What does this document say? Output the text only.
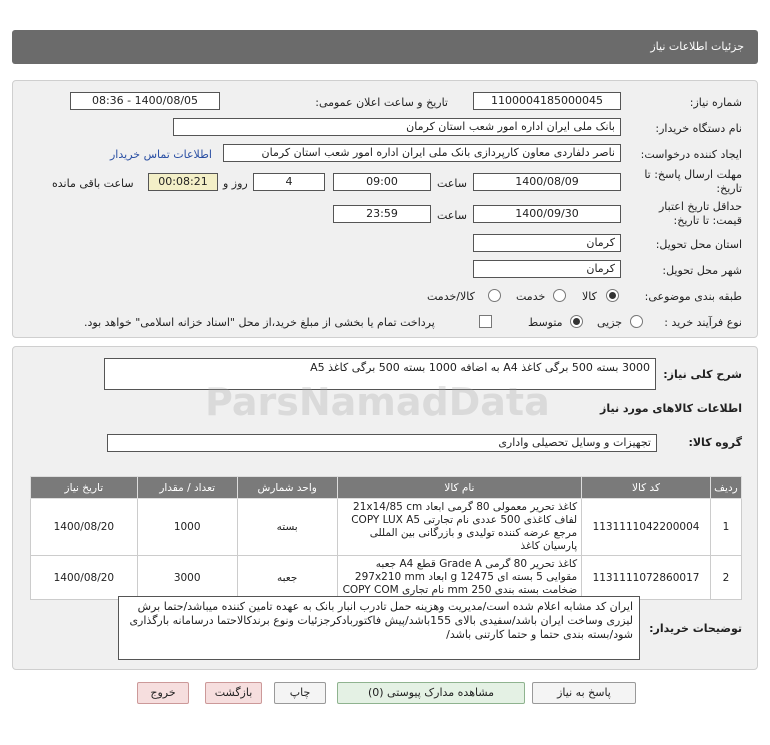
جزئیات اطلاعات نیاز
شماره نیاز:
1100004185000045
تاریخ و ساعت اعلان عمومی:
1400/08/05 - 08:36
نام دستگاه خریدار:
بانک ملی ایران اداره امور شعب استان کرمان
ایجاد کننده درخواست:
ناصر دلفاردی معاون کارپردازی بانک ملی ایران اداره امور شعب استان کرمان
اطلاعات تماس خریدار
مهلت ارسال پاسخ: تا
تاریخ:
1400/08/09
ساعت
09:00
4
روز و
00:08:21
ساعت باقی مانده
حداقل تاریخ اعتبار
قیمت: تا تاریخ:
1400/09/30
ساعت
23:59
استان محل تحویل:
کرمان
شهر محل تحویل:
کرمان
طبقه بندی موضوعی:
کالا
خدمت
کالا/خدمت
نوع فرآیند خرید :
جزیی
متوسط
پرداخت تمام یا بخشی از مبلغ خرید،از محل "اسناد خزانه اسلامی" خواهد بود.
شرح کلی نیاز:
3000 بسته 500 برگی کاغذ A4 به اضافه 1000 بسته 500 برگی کاغذ A5
اطلاعات کالاهای مورد نیاز
گروه کالا:
تجهیزات و وسایل تحصیلی واداری
ردیف	کد کالا	نام کالا	واحد شمارش	تعداد / مقدار	تاریخ نیاز
1	1131111042200004	کاغذ تحریر معمولی 80 گرمی ابعاد 21x14/85 cm لفاف کاغذی 500 عددی نام تجارتی COPY LUX A5 مرجع عرضه کننده تولیدی و بازرگانی بین المللی پارسیان کاغذ	بسته	1000	1400/08/20
2	1131111072860017	کاغذ تحریر 80 گرمی Grade A قطع A4 جعبه مقوایی 5 بسته ای 12475 g ابعاد 297x210 mm ضخامت بسته بندی 250 mm نام تجاری COPY COM	جعبه	3000	1400/08/20
توضیحات خریدار:
ایران کد مشابه اعلام شده است/مدیریت وهزینه حمل تادرب انبار بانک به عهده تامین کننده میباشد/حتما برش لیزری وساخت ایران باشد/سفیدی بالای 155باشد/پیش فاکتوربادکرجزئیات ونوع برندکالاحتما درسامانه بارگذاری شود/بسته بندی حتما و حتما کارتنی باشد/
ParsNamadData
پاسخ به نیاز
مشاهده مدارک پیوستی (0)
چاپ
بازگشت
خروج
